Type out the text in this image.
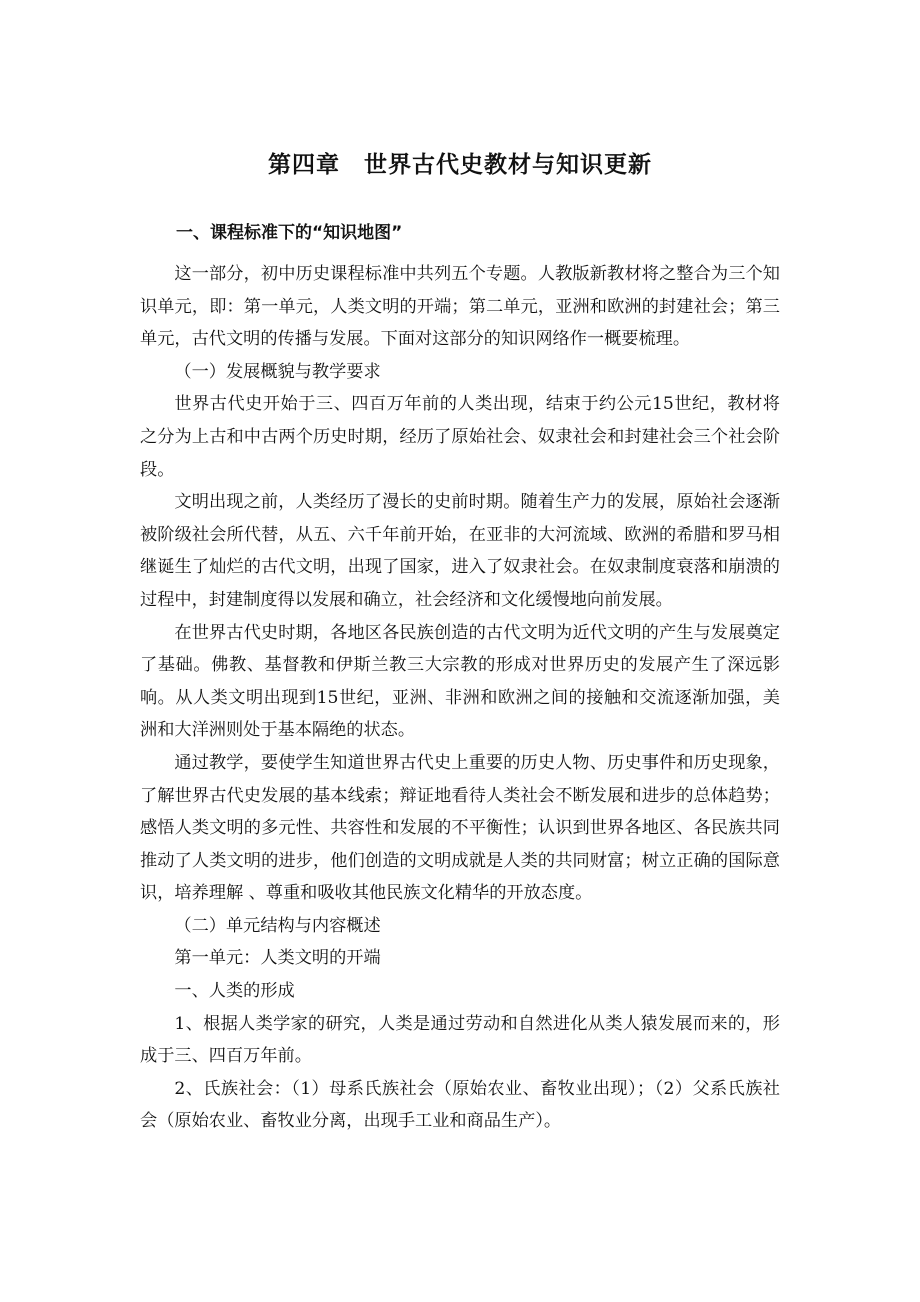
第四章　世界古代史教材与知识更新
一、课程标准下的“知识地图”

这一部分，初中历史课程标准中共列五个专题。人教版新教材将之整合为三个知识单元，即：第一单元，人类文明的开端；第二单元，亚洲和欧洲的封建社会；第三单元，古代文明的传播与发展。下面对这部分的知识网络作一概要梳理。

（一）发展概貌与教学要求

世界古代史开始于三、四百万年前的人类出现，结束于约公元15世纪，教材将之分为上古和中古两个历史时期，经历了原始社会、奴隶社会和封建社会三个社会阶段。

文明出现之前，人类经历了漫长的史前时期。随着生产力的发展，原始社会逐渐被阶级社会所代替，从五、六千年前开始，在亚非的大河流域、欧洲的希腊和罗马相继诞生了灿烂的古代文明，出现了国家，进入了奴隶社会。在奴隶制度衰落和崩溃的过程中，封建制度得以发展和确立，社会经济和文化缓慢地向前发展。

在世界古代史时期，各地区各民族创造的古代文明为近代文明的产生与发展奠定了基础。佛教、基督教和伊斯兰教三大宗教的形成对世界历史的发展产生了深远影响。从人类文明出现到15世纪，亚洲、非洲和欧洲之间的接触和交流逐渐加强，美洲和大洋洲则处于基本隔绝的状态。

通过教学，要使学生知道世界古代史上重要的历史人物、历史事件和历史现象，了解世界古代史发展的基本线索；辩证地看待人类社会不断发展和进步的总体趋势；感悟人类文明的多元性、共容性和发展的不平衡性；认识到世界各地区、各民族共同推动了人类文明的进步，他们创造的文明成就是人类的共同财富；树立正确的国际意识，培养理解 、尊重和吸收其他民族文化精华的开放态度。

（二）单元结构与内容概述

第一单元：人类文明的开端

一、人类的形成

1、根据人类学家的研究，人类是通过劳动和自然进化从类人猿发展而来的，形成于三、四百万年前。

2、氏族社会：（1）母系氏族社会（原始农业、畜牧业出现）；（2）父系氏族社会（原始农业、畜牧业分离，出现手工业和商品生产）。
